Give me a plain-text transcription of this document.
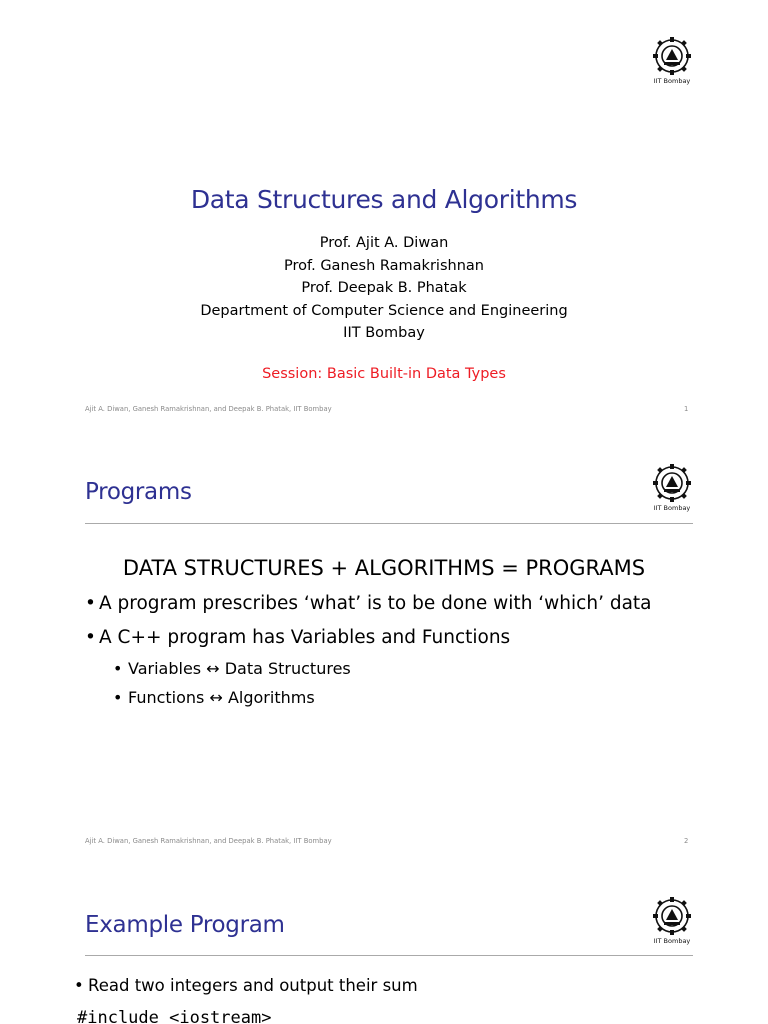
IIT Bombay
Data Structures and Algorithms
Prof. Ajit A. Diwan
Prof. Ganesh Ramakrishnan
Prof. Deepak B. Phatak
Department of Computer Science and Engineering
IIT Bombay
Session: Basic Built-in Data Types
Ajit A. Diwan, Ganesh Ramakrishnan, and Deepak B. Phatak, IIT Bombay	1
IIT Bombay
Programs
DATA STRUCTURES + ALGORITHMS = PROGRAMS
• A program prescribes ‘what’ is to be done with ‘which’ data
• A C++ program has Variables and Functions
• Variables ↔ Data Structures
• Functions ↔ Algorithms
Ajit A. Diwan, Ganesh Ramakrishnan, and Deepak B. Phatak, IIT Bombay	2
IIT Bombay
Example Program
• Read two integers and output their sum
#include <iostream>
